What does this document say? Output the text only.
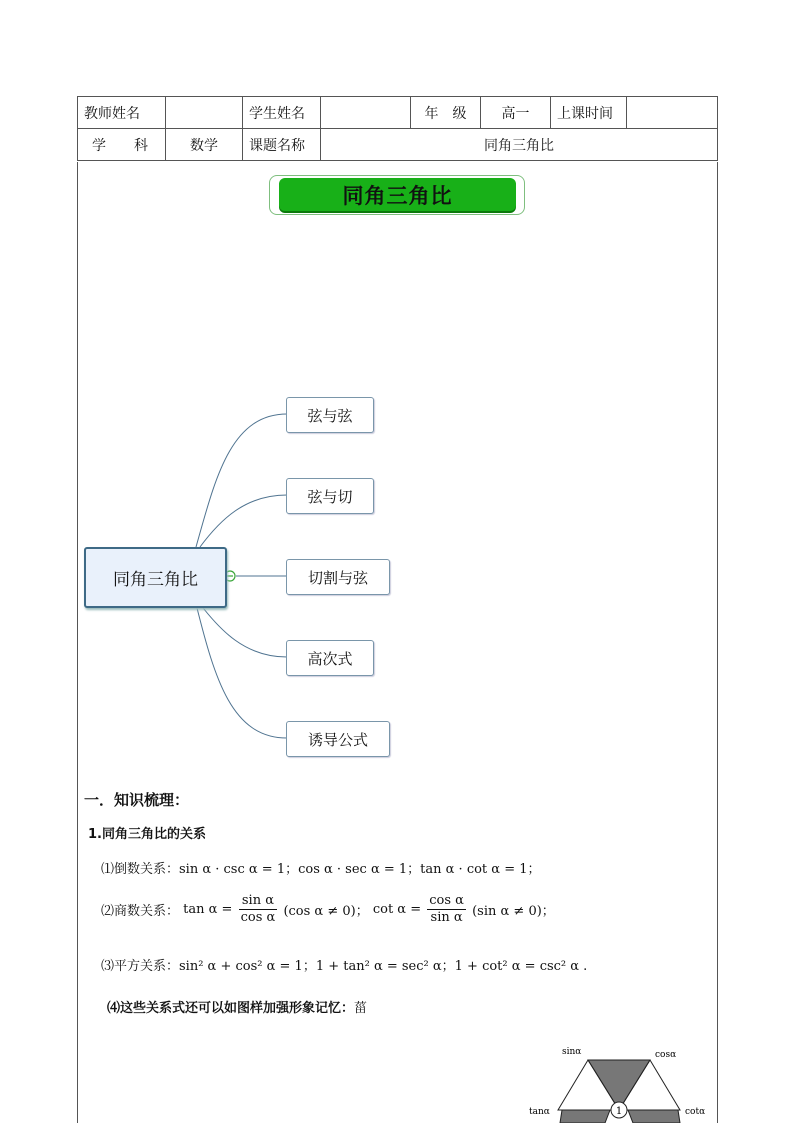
教师姓名		学生姓名		年　级	高一	上课时间	
学　　科	数学	课题名称	同角三角比				
同角三角比
同角三角比
弦与弦
弦与切
切割与弦
高次式
诱导公式
一．知识梳理：
1.同角三角比的关系
⑴倒数关系：sin α · csc α = 1；cos α · sec α = 1；tan α · cot α = 1；
⑵商数关系： $\tan \alpha = \frac{\text{sin α}}{\text{cos α}} (\cos$ α ≠ 0)； $\cot \alpha = \frac{\text{cos α}}{\text{sin α}} (\sin$ α ≠ 0)；
⑶平方关系：sin² α + cos² α = 1；1 + tan² α = sec² α；1 + cot² α = csc² α .
⑷这些关系式还可以如图样加强形象记忆：菑
1
sinα	cosα
tanα	cotα
